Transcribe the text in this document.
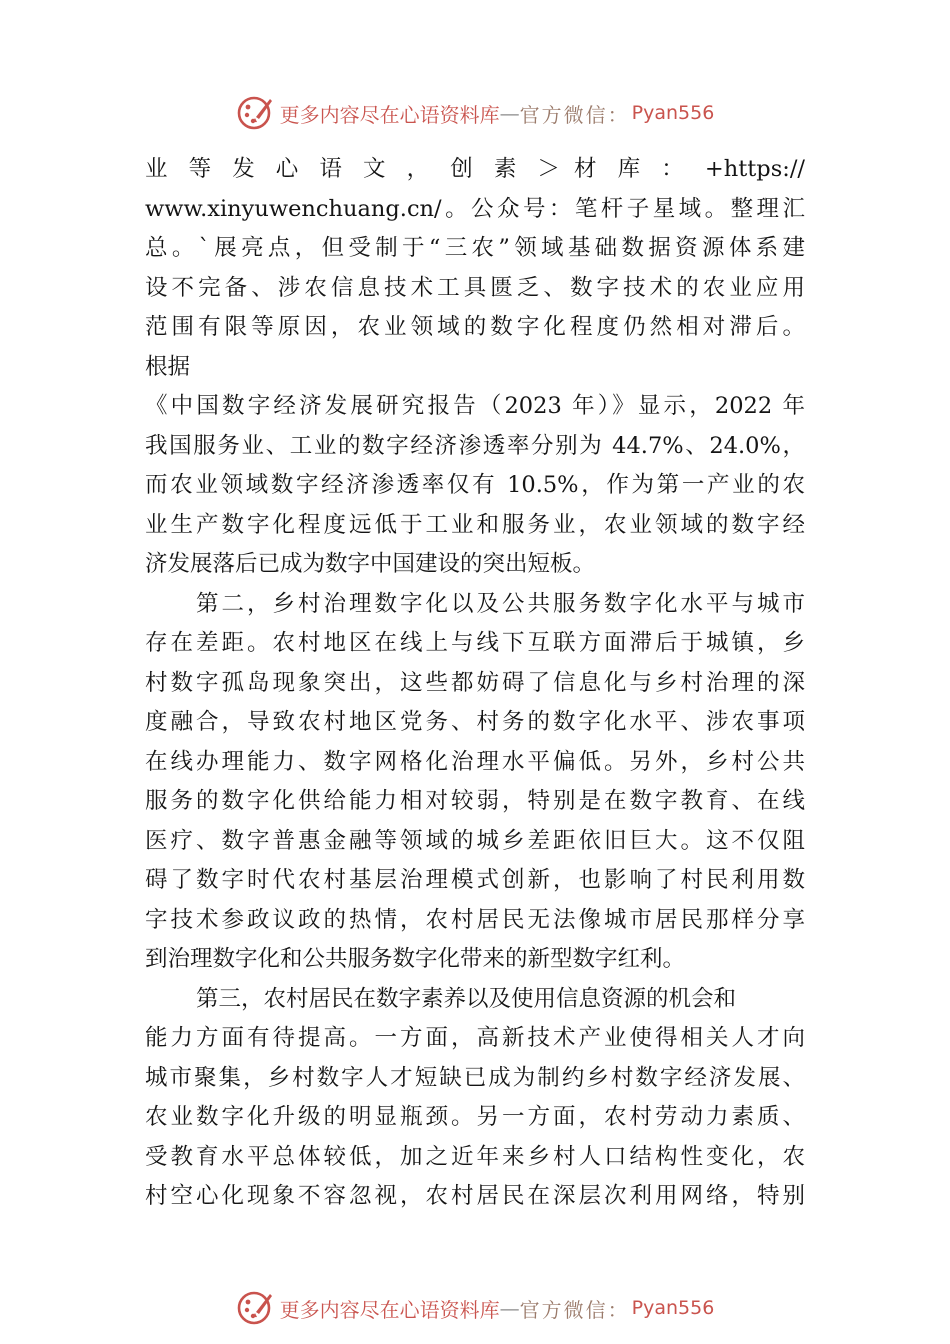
更多内容尽在心语资料库 — 官方微信： Pyan556
业 等 发 心 语 文 ， 创 素 ＞ 材 库 ： +https://
www.xinyuwenchuang.cn/。公众号：笔杆子星域。整理汇
总。`展亮点，但受制于“三农”领域基础数据资源体系建
设不完备、涉农信息技术工具匮乏、数字技术的农业应用
范围有限等原因，农业领域的数字化程度仍然相对滞后。
根据
《中国数字经济发展研究报告（2023 年）》显示，2022 年
我国服务业、工业的数字经济渗透率分别为 44.7%、24.0%，
而农业领域数字经济渗透率仅有 10.5%，作为第一产业的农
业生产数字化程度远低于工业和服务业，农业领域的数字经
济发展落后已成为数字中国建设的突出短板。
第二，乡村治理数字化以及公共服务数字化水平与城市
存在差距。农村地区在线上与线下互联方面滞后于城镇，乡
村数字孤岛现象突出，这些都妨碍了信息化与乡村治理的深
度融合，导致农村地区党务、村务的数字化水平、涉农事项
在线办理能力、数字网格化治理水平偏低。另外，乡村公共
服务的数字化供给能力相对较弱，特别是在数字教育、在线
医疗、数字普惠金融等领域的城乡差距依旧巨大。这不仅阻
碍了数字时代农村基层治理模式创新，也影响了村民利用数
字技术参政议政的热情，农村居民无法像城市居民那样分享
到治理数字化和公共服务数字化带来的新型数字红利。
第三，农村居民在数字素养以及使用信息资源的机会和
能力方面有待提高。一方面，高新技术产业使得相关人才向
城市聚集，乡村数字人才短缺已成为制约乡村数字经济发展、
农业数字化升级的明显瓶颈。另一方面，农村劳动力素质、
受教育水平总体较低，加之近年来乡村人口结构性变化，农
村空心化现象不容忽视，农村居民在深层次利用网络，特别
更多内容尽在心语资料库 — 官方微信： Pyan556
